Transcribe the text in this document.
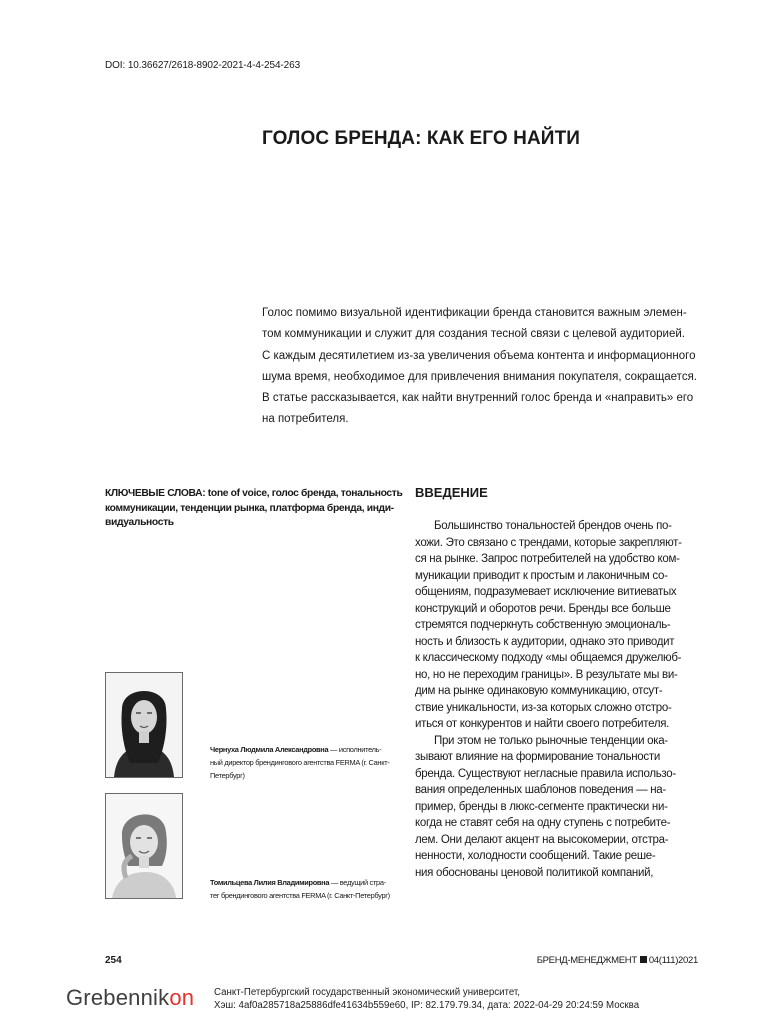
DOI: 10.36627/2618-8902-2021-4-4-254-263
ГОЛОС БРЕНДА: КАК ЕГО НАЙТИ
Голос помимо визуальной идентификации бренда становится важным элемен-
том коммуникации и служит для создания тесной связи с целевой аудиторией.
С каждым десятилетием из-за увеличения объема контента и информационного
шума время, необходимое для привлечения внимания покупателя, сокращается.
В статье рассказывается, как найти внутренний голос бренда и «направить» его
на потребителя.
КЛЮЧЕВЫЕ СЛОВА: tone of voice, голос бренда, тональность
коммуникации, тенденции рынка, платформа бренда, инди-
видуальность
ВВЕДЕНИЕ
Большинство тональностей брендов очень по-
хожи. Это связано с трендами, которые закрепляют-
ся на рынке. Запрос потребителей на удобство ком-
муникации приводит к простым и лаконичным со-
общениям, подразумевает исключение витиеватых
конструкций и оборотов речи. Бренды все больше
стремятся подчеркнуть собственную эмоциональ-
ность и близость к аудитории, однако это приводит
к классическому подходу «мы общаемся дружелюб-
но, но не переходим границы». В результате мы ви-
дим на рынке одинаковую коммуникацию, отсут-
ствие уникальности, из-за которых сложно отстро-
иться от конкурентов и найти своего потребителя.
При этом не только рыночные тенденции ока-
зывают влияние на формирование тональности
бренда. Существуют негласные правила использо-
вания определенных шаблонов поведения — на-
пример, бренды в люкс-сегменте практически ни-
когда не ставят себя на одну ступень с потребите-
лем. Они делают акцент на высокомерии, отстра-
ненности, холодности сообщений. Такие реше-
ния обоснованы ценовой политикой компаний,
Чернуха Людмила Александровна — исполнитель-
ный директор брендингового агентства FERMA (г. Санкт-
Петербург)
Томильцева Лилия Владимировна — ведущий стра-
тег брендингового агентства FERMA (г. Санкт-Петербург)
254	БРЕНД-МЕНЕДЖМЕНТ 04(111)2021
Grebennikon Санкт-Петербургский государственный экономический университет,
Хэш: 4af0a285718a25886dfe41634b559e60, IP: 82.179.79.34, дата: 2022-04-29 20:24:59 Москва
